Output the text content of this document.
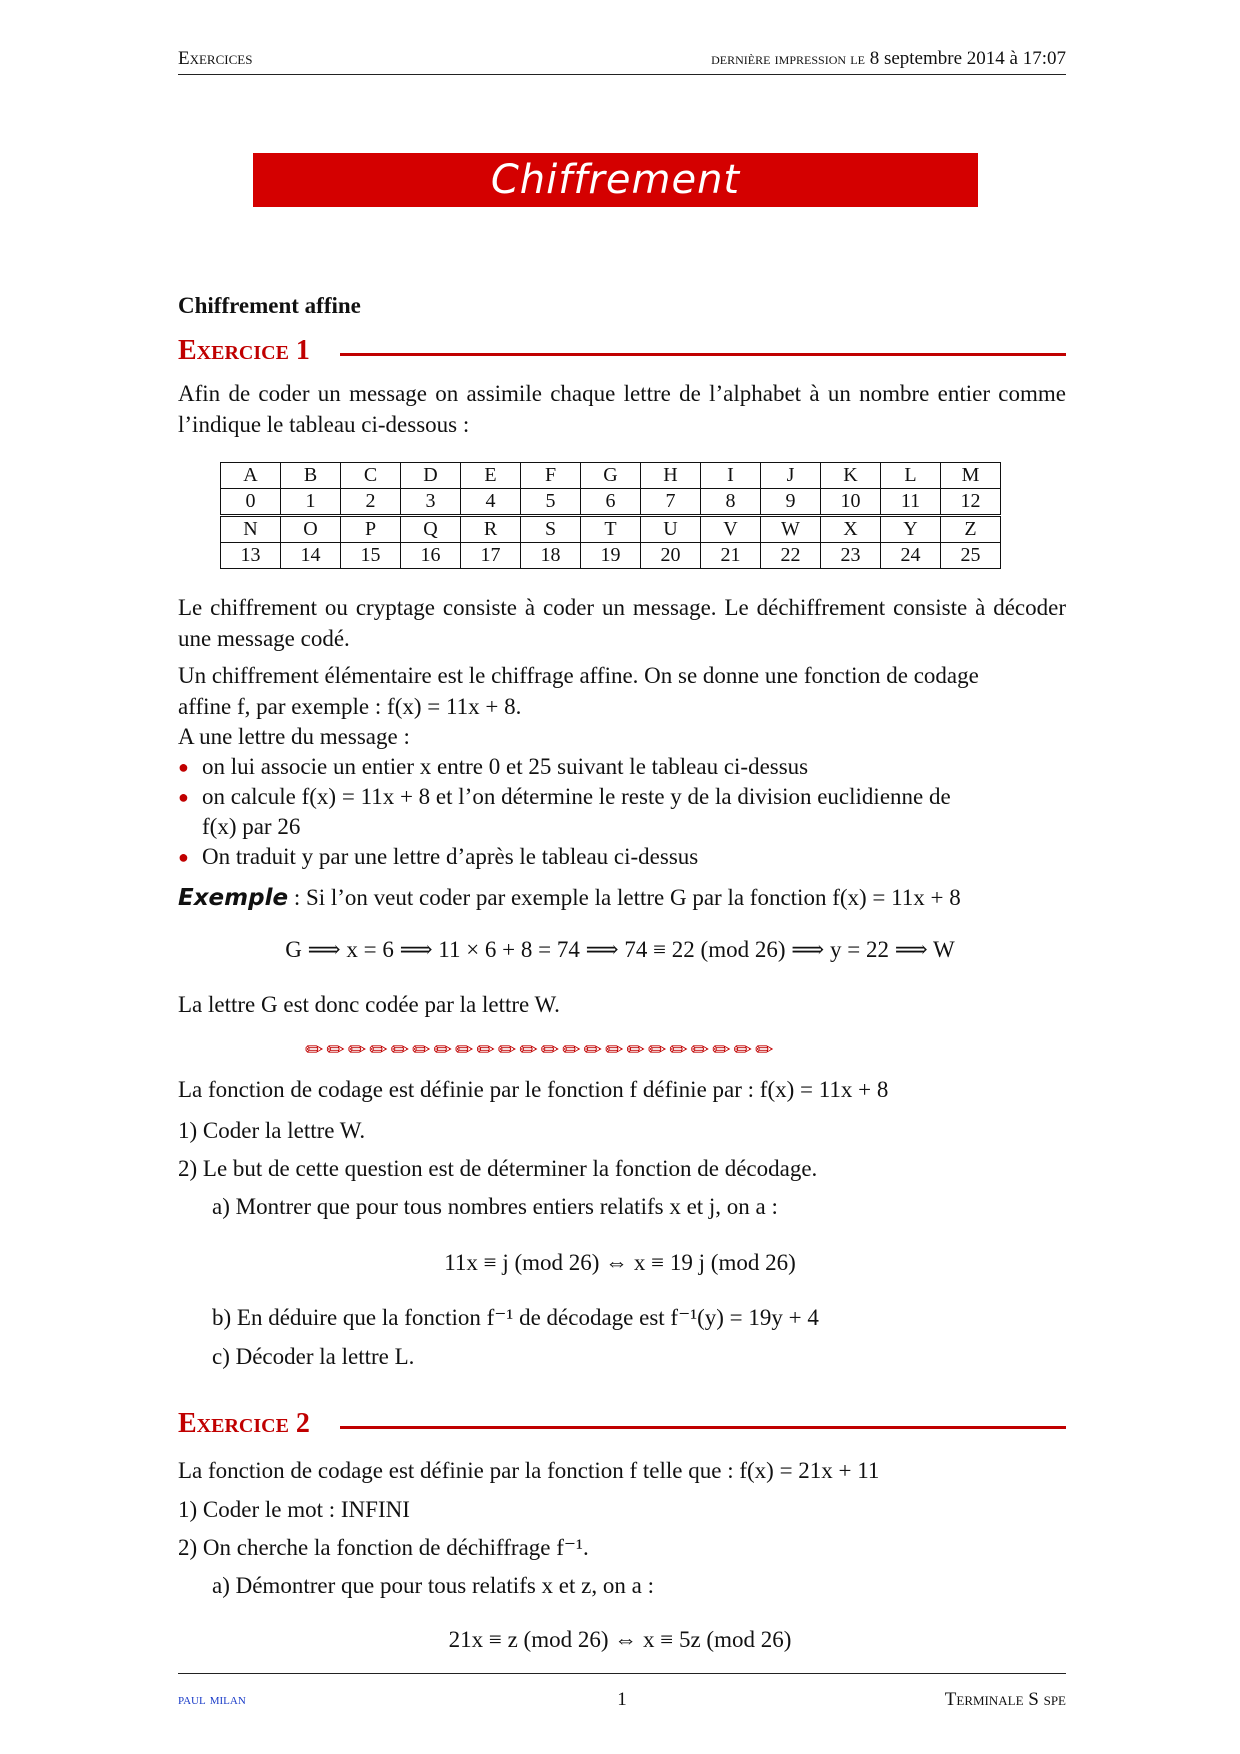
Exercices	dernière impression le 8 septembre 2014 à 17:07
Chiffrement
Chiffrement affine
Exercice 1
Afin de coder un message on assimile chaque lettre de l’alphabet à un nombre entier comme l’indique le tableau ci-dessous :
A	B	C	D	E	F	G	H	I	J	K	L	M
0	1	2	3	4	5	6	7	8	9	10	11	12
N	O	P	Q	R	S	T	U	V	W	X	Y	Z
13	14	15	16	17	18	19	20	21	22	23	24	25
Le chiffrement ou cryptage consiste à coder un message. Le déchiffrement consiste à décoder une message codé.
Un chiffrement élémentaire est le chiffrage affine. On se donne une fonction de codage
affine f, par exemple : f(x) = 11x + 8.
A une lettre du message :
● on lui associe un entier x entre 0 et 25 suivant le tableau ci-dessus
● on calcule f(x) = 11x + 8 et l’on détermine le reste y de la division euclidienne de
f(x) par 26
● On traduit y par une lettre d’après le tableau ci-dessus
Exemple : Si l’on veut coder par exemple la lettre G par la fonction f(x) = 11x + 8
G ⟹ x = 6 ⟹ 11 × 6 + 8 = 74 ⟹ 74 ≡ 22 (mod 26) ⟹ y = 22 ⟹ W
La lettre G est donc codée par la lettre W.
✏✏✏✏✏✏✏✏✏✏✏✏✏✏✏✏✏✏✏✏✏✏
La fonction de codage est définie par le fonction f définie par : f(x) = 11x + 8
1) Coder la lettre W.
2) Le but de cette question est de déterminer la fonction de décodage.
a) Montrer que pour tous nombres entiers relatifs x et j, on a :
11x ≡ j (mod 26) ⇔ x ≡ 19 j (mod 26)
b) En déduire que la fonction f⁻¹ de décodage est f⁻¹(y) = 19y + 4
c) Décoder la lettre L.
Exercice 2
La fonction de codage est définie par la fonction f telle que : f(x) = 21x + 11
1) Coder le mot : INFINI
2) On cherche la fonction de déchiffrage f⁻¹.
a) Démontrer que pour tous relatifs x et z, on a :
21x ≡ z (mod 26) ⇔ x ≡ 5z (mod 26)
paul milan	1	Terminale S spe
